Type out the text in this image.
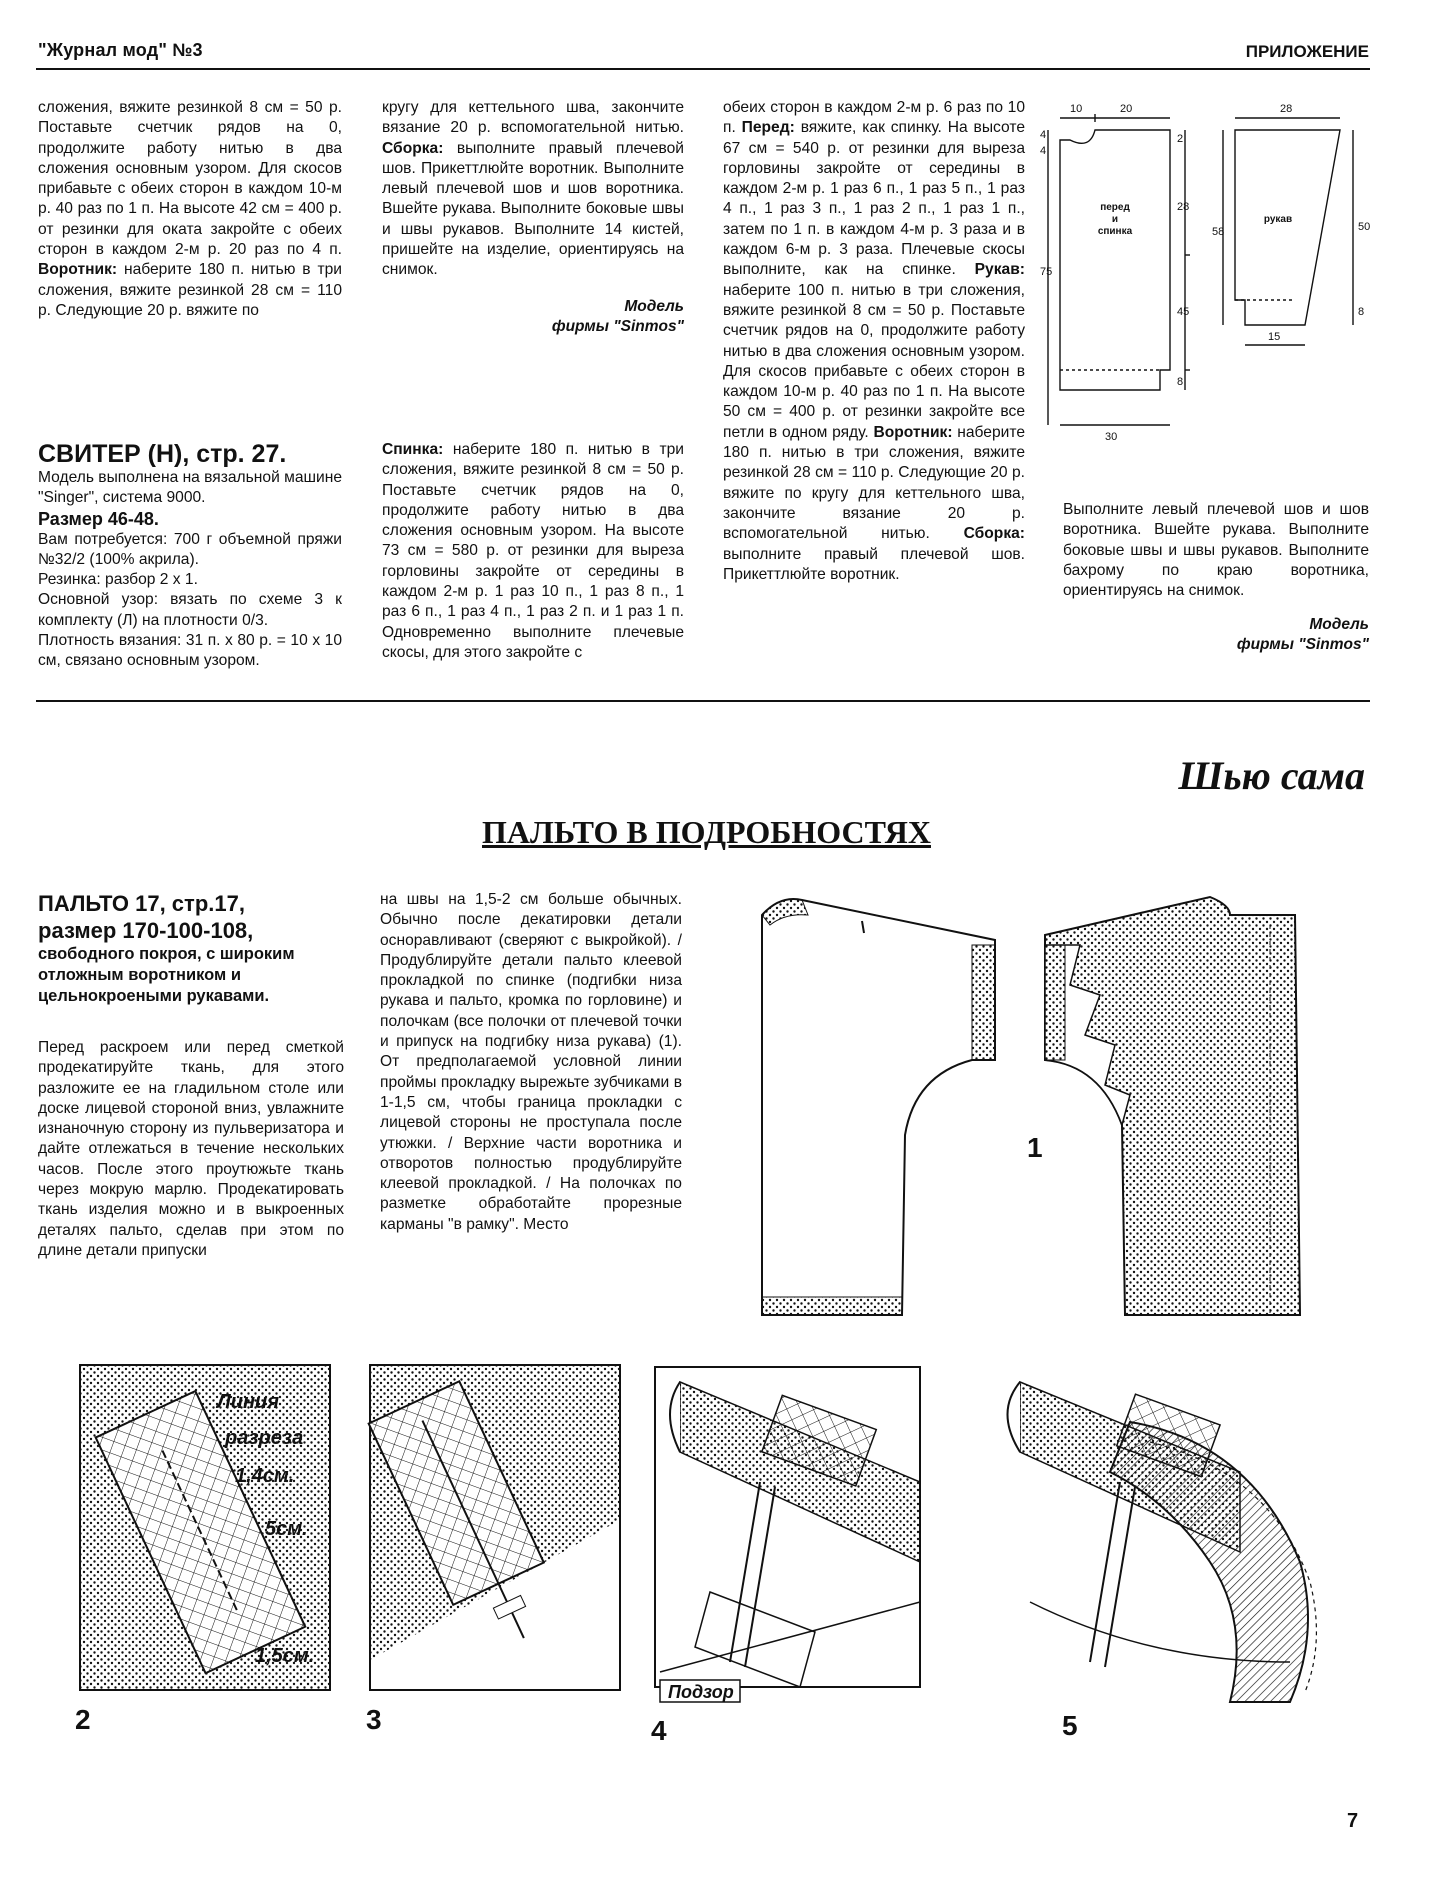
"Журнал мод" №3	ПРИЛОЖЕНИЕ

сложения, вяжите резинкой 8 см = 50 р. Поставьте счетчик рядов на 0, продолжите работу нитью в два сложения основным узором. Для скосов прибавьте с обеих сторон в каждом 10-м р. 40 раз по 1 п. На высоте 42 см = 400 р. от резинки для оката закройте с обеих сторон в каждом 2-м р. 20 раз по 4 п. Воротник: наберите 180 п. нитью в три сложения, вяжите резинкой 28 см = 110 р. Следующие 20 р. вяжите по

кругу для кеттельного шва, закончите вязание 20 р. вспомогательной нитью. Сборка: выполните правый плечевой шов. Прикеттлюйте воротник. Выполните левый плечевой шов и шов воротника. Вшейте рукава. Выполните боковые швы и швы рукавов. Выполните 14 кистей, пришейте на изделие, ориентируясь на снимок.

Модель
фирмы "Sinmos"
СВИТЕР (Н), стр. 27.

Модель выполнена на вязальной машине "Singer", система 9000.

Размер 46-48.

Вам потребуется: 700 г объемной пряжи №32/2 (100% акрила).

Резинка: разбор 2 х 1.

Основной узор: вязать по схеме 3 к комплекту (Л) на плотности 0/3.

Плотность вязания: 31 п. х 80 р. = 10 х 10 см, связано основным узором.

Спинка: наберите 180 п. нитью в три сложения, вяжите резинкой 8 см = 50 р. Поставьте счетчик рядов на 0, продолжите работу нитью в два сложения основным узором. На высоте 73 см = 580 р. от резинки для выреза горловины закройте от середины в каждом 2-м р. 1 раз 10 п., 1 раз 8 п., 1 раз 6 п., 1 раз 4 п., 1 раз 2 п. и 1 раз 1 п. Одновременно выполните плечевые скосы, для этого закройте с

обеих сторон в каждом 2-м р. 6 раз по 10 п. Перед: вяжите, как спинку. На высоте 67 см = 540 р. от резинки для выреза горловины закройте от середины в каждом 2-м р. 1 раз 6 п., 1 раз 5 п., 1 раз 4 п., 1 раз 3 п., 1 раз 2 п., 1 раз 1 п., затем по 1 п. в каждом 4-м р. 3 раза и в каждом 6-м р. 3 раза. Плечевые скосы выполните, как на спинке. Рукав: наберите 100 п. нитью в три сложения, вяжите резинкой 8 см = 50 р. Поставьте счетчик рядов на 0, продолжите работу нитью в два сложения основным узором. Для скосов прибавьте с обеих сторон в каждом 10-м р. 40 раз по 1 п. На высоте 50 см = 400 р. от резинки закройте все петли в одном ряду. Воротник: наберите 180 п. нитью в три сложения, вяжите резинкой 28 см = 110 р. Следующие 20 р. вяжите по кругу для кеттельного шва, закончите вязание 20 р. вспомогательной нитью. Сборка: выполните правый плечевой шов. Прикеттлюйте воротник.

10	20	28
4
4
2
28
75
45
8
30
58	50
8
15
перед
и
спинка
рукав

Выполните левый плечевой шов и шов воротника. Вшейте рукава. Выполните боковые швы и швы рукавов. Выполните бахрому по краю воротника, ориентируясь на снимок.

Модель
фирмы "Sinmos"
Шью сама
ПАЛЬТО В ПОДРОБНОСТЯХ
ПАЛЬТО 17, стр.17,
размер 170-100-108,
свободного покроя, с широким отложным воротником и цельнокроеными рукавами.

Перед раскроем или перед сметкой продекатируйте ткань, для этого разложите ее на гладильном столе или доске лицевой стороной вниз, увлажните изнаночную сторону из пульверизатора и дайте отлежаться в течение нескольких часов. После этого проутюжьте ткань через мокрую марлю. Продекатировать ткань изделия можно и в выкроенных деталях пальто, сделав при этом по длине детали припуски

на швы на 1,5-2 см больше обычных. Обычно после декатировки детали осноравливают (сверяют с выкройкой). / Продублируйте детали пальто клеевой прокладкой по спинке (подгибки низа рукава и пальто, кромка по горловине) и полочкам (все полочки от плечевой точки и припуск на подгибку низа рукава) (1). От предполагаемой условной линии проймы прокладку вырежьте зубчиками в 1-1,5 см, чтобы граница прокладки с лицевой стороны не проступала после утюжки. / Верхние части воротника и отворотов полностью продублируйте клеевой прокладкой. / На полочках по разметке обработайте прорезные карманы "в рамку". Место

1
Линия
разреза
1,4см.
5см.
1,5см.
2	3
Подзор
4	5
7
